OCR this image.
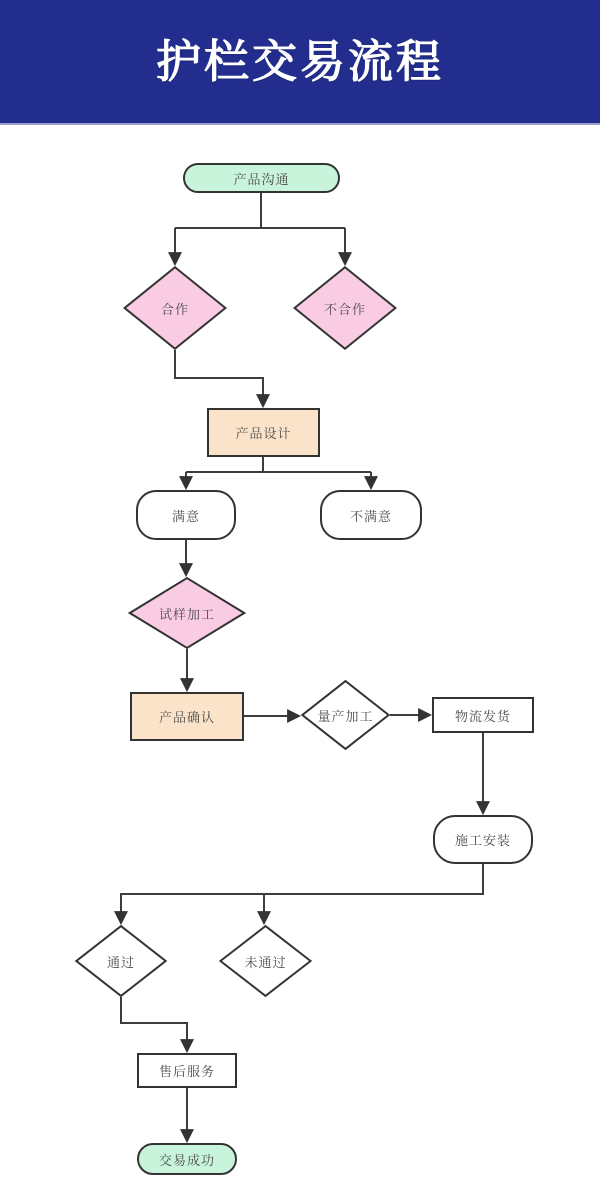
护栏交易流程
产品沟通
合作	不合作
产品设计
满意	不满意
试样加工
产品确认	量产加工	物流发货
施工安装
通过	未通过
售后服务
交易成功
